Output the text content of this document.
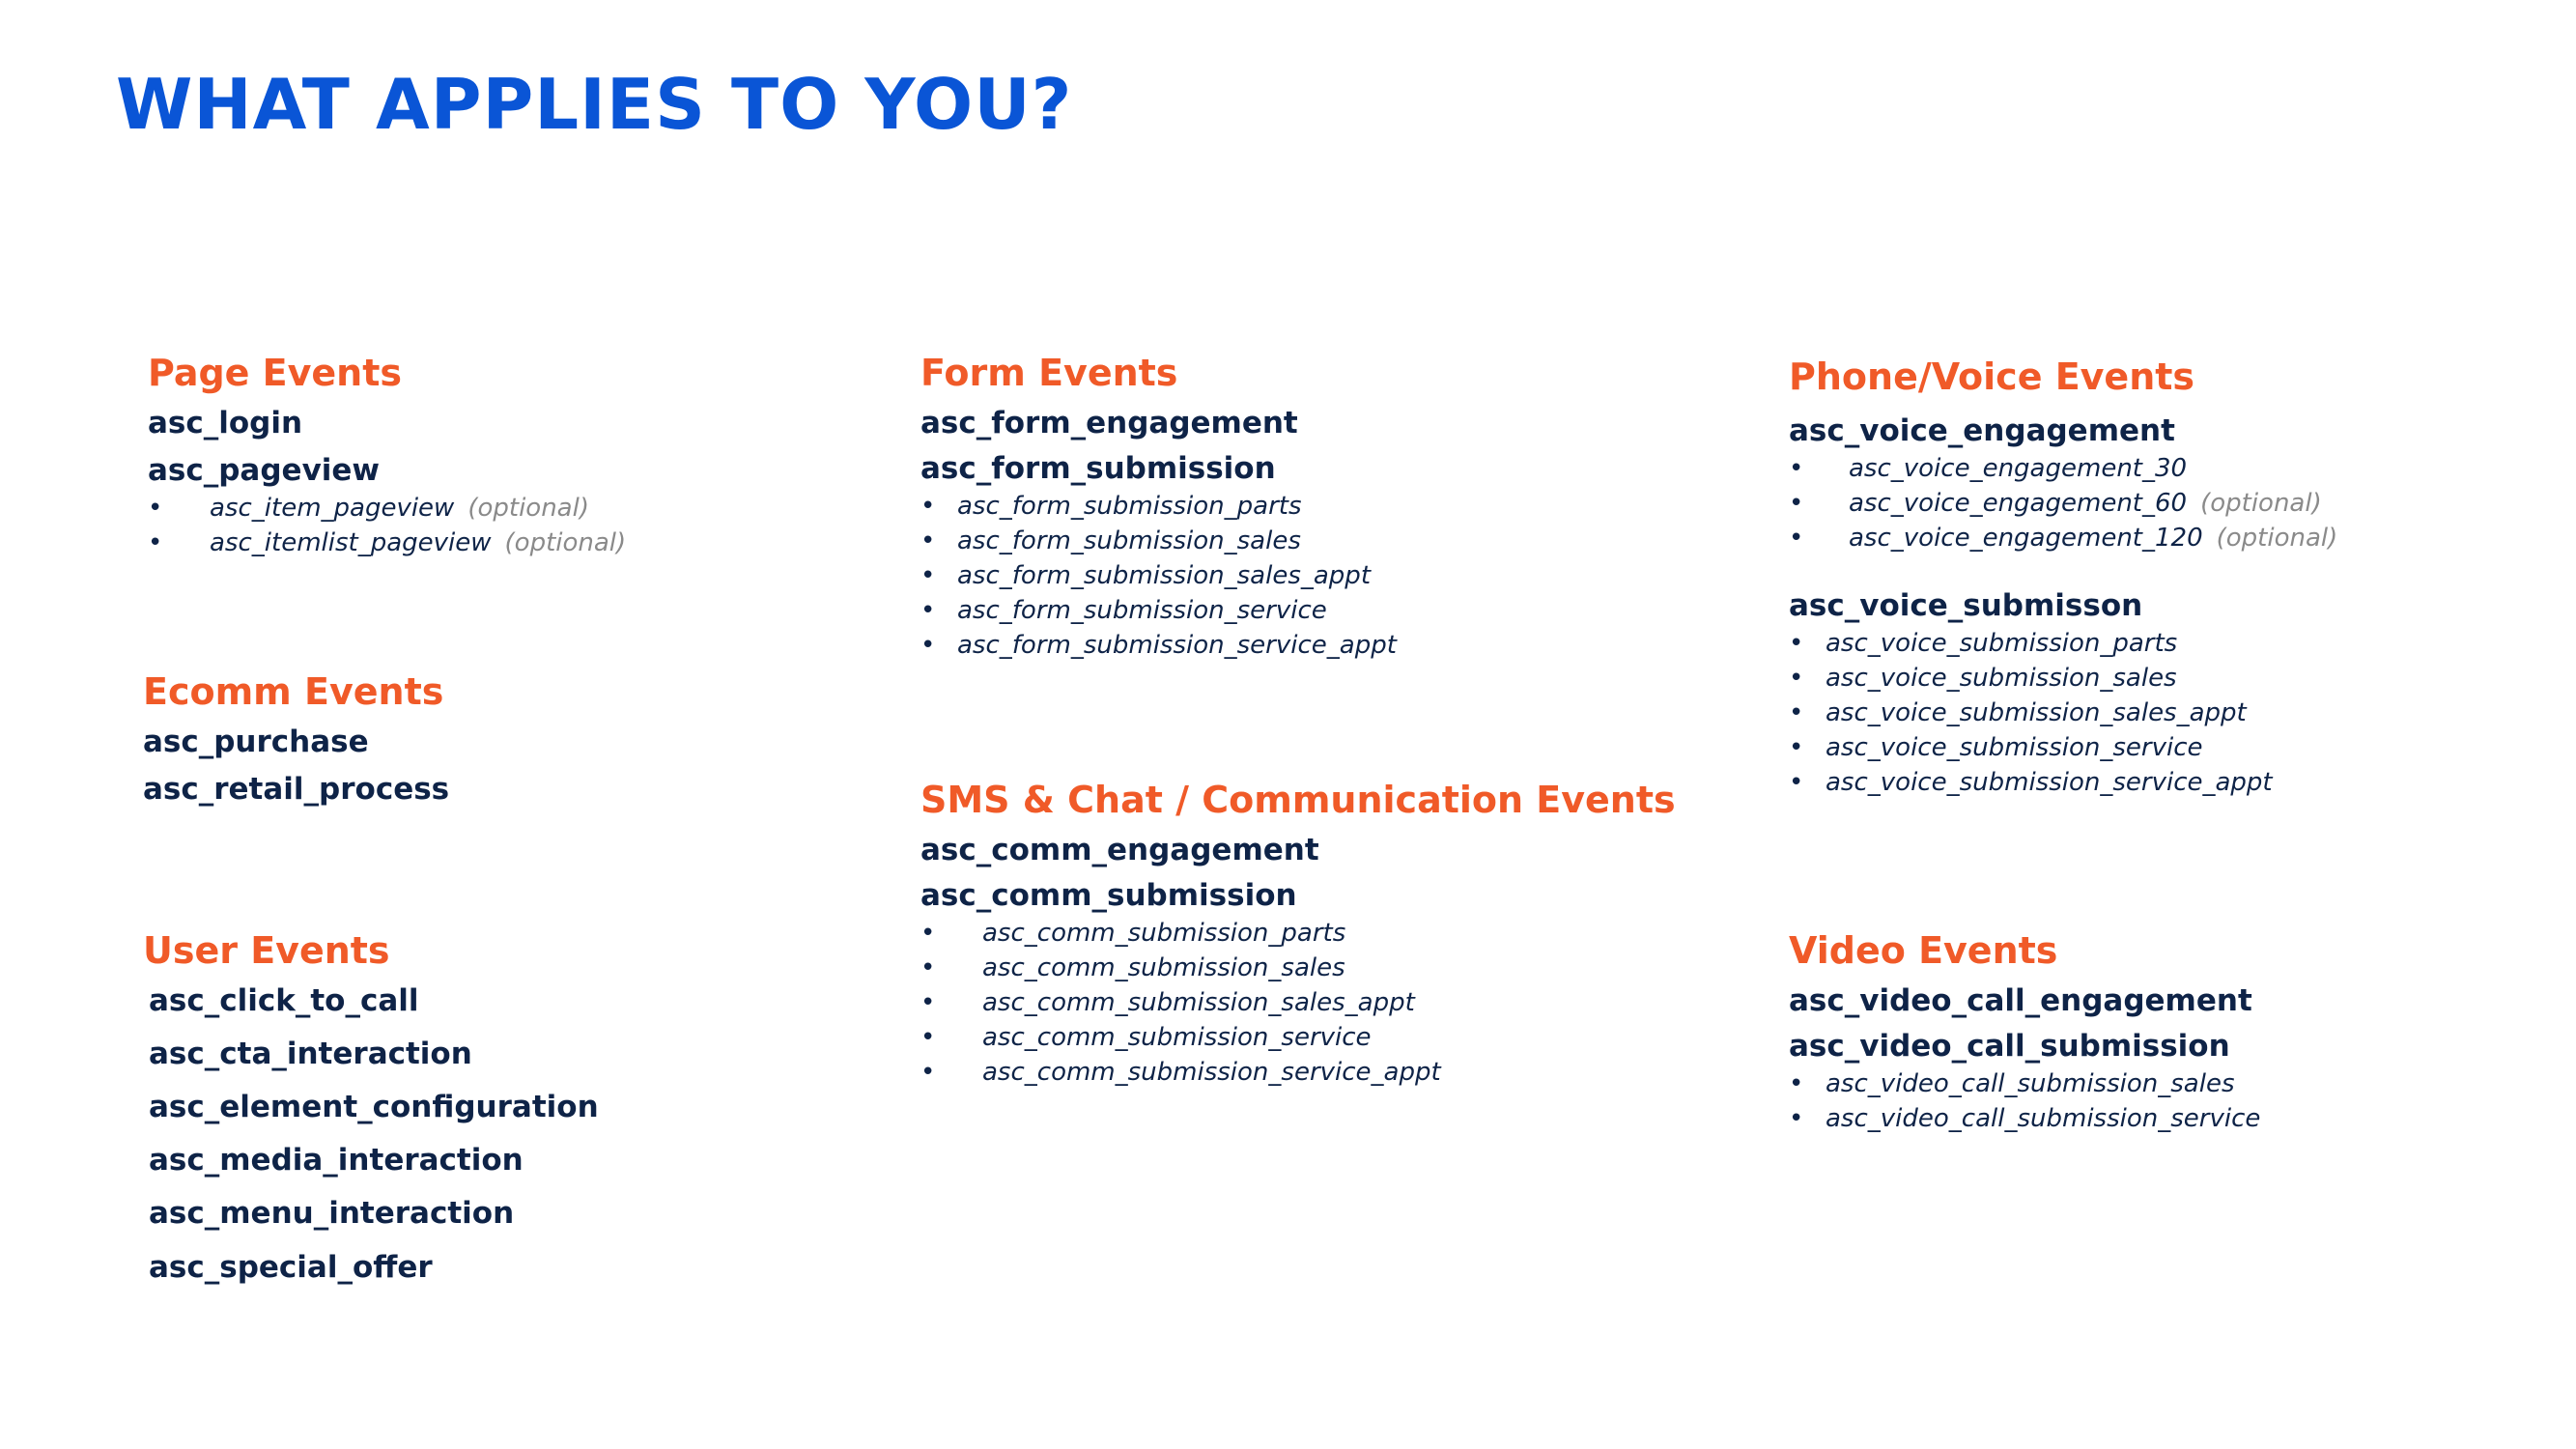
WHAT APPLIES TO YOU?
Page Events
asc_login
asc_pageview
• asc_item_pageview (optional)
• asc_itemlist_pageview (optional)
Ecomm Events
asc_purchase
asc_retail_process
User Events
asc_click_to_call
asc_cta_interaction
asc_element_configuration
asc_media_interaction
asc_menu_interaction
asc_special_offer
Form Events
asc_form_engagement
asc_form_submission
• asc_form_submission_parts
• asc_form_submission_sales
• asc_form_submission_sales_appt
• asc_form_submission_service
• asc_form_submission_service_appt
SMS & Chat / Communication Events
asc_comm_engagement
asc_comm_submission
• asc_comm_submission_parts
• asc_comm_submission_sales
• asc_comm_submission_sales_appt
• asc_comm_submission_service
• asc_comm_submission_service_appt
Phone/Voice Events
asc_voice_engagement
• asc_voice_engagement_30
• asc_voice_engagement_60 (optional)
• asc_voice_engagement_120 (optional)
asc_voice_submisson
• asc_voice_submission_parts
• asc_voice_submission_sales
• asc_voice_submission_sales_appt
• asc_voice_submission_service
• asc_voice_submission_service_appt
Video Events
asc_video_call_engagement
asc_video_call_submission
• asc_video_call_submission_sales
• asc_video_call_submission_service
